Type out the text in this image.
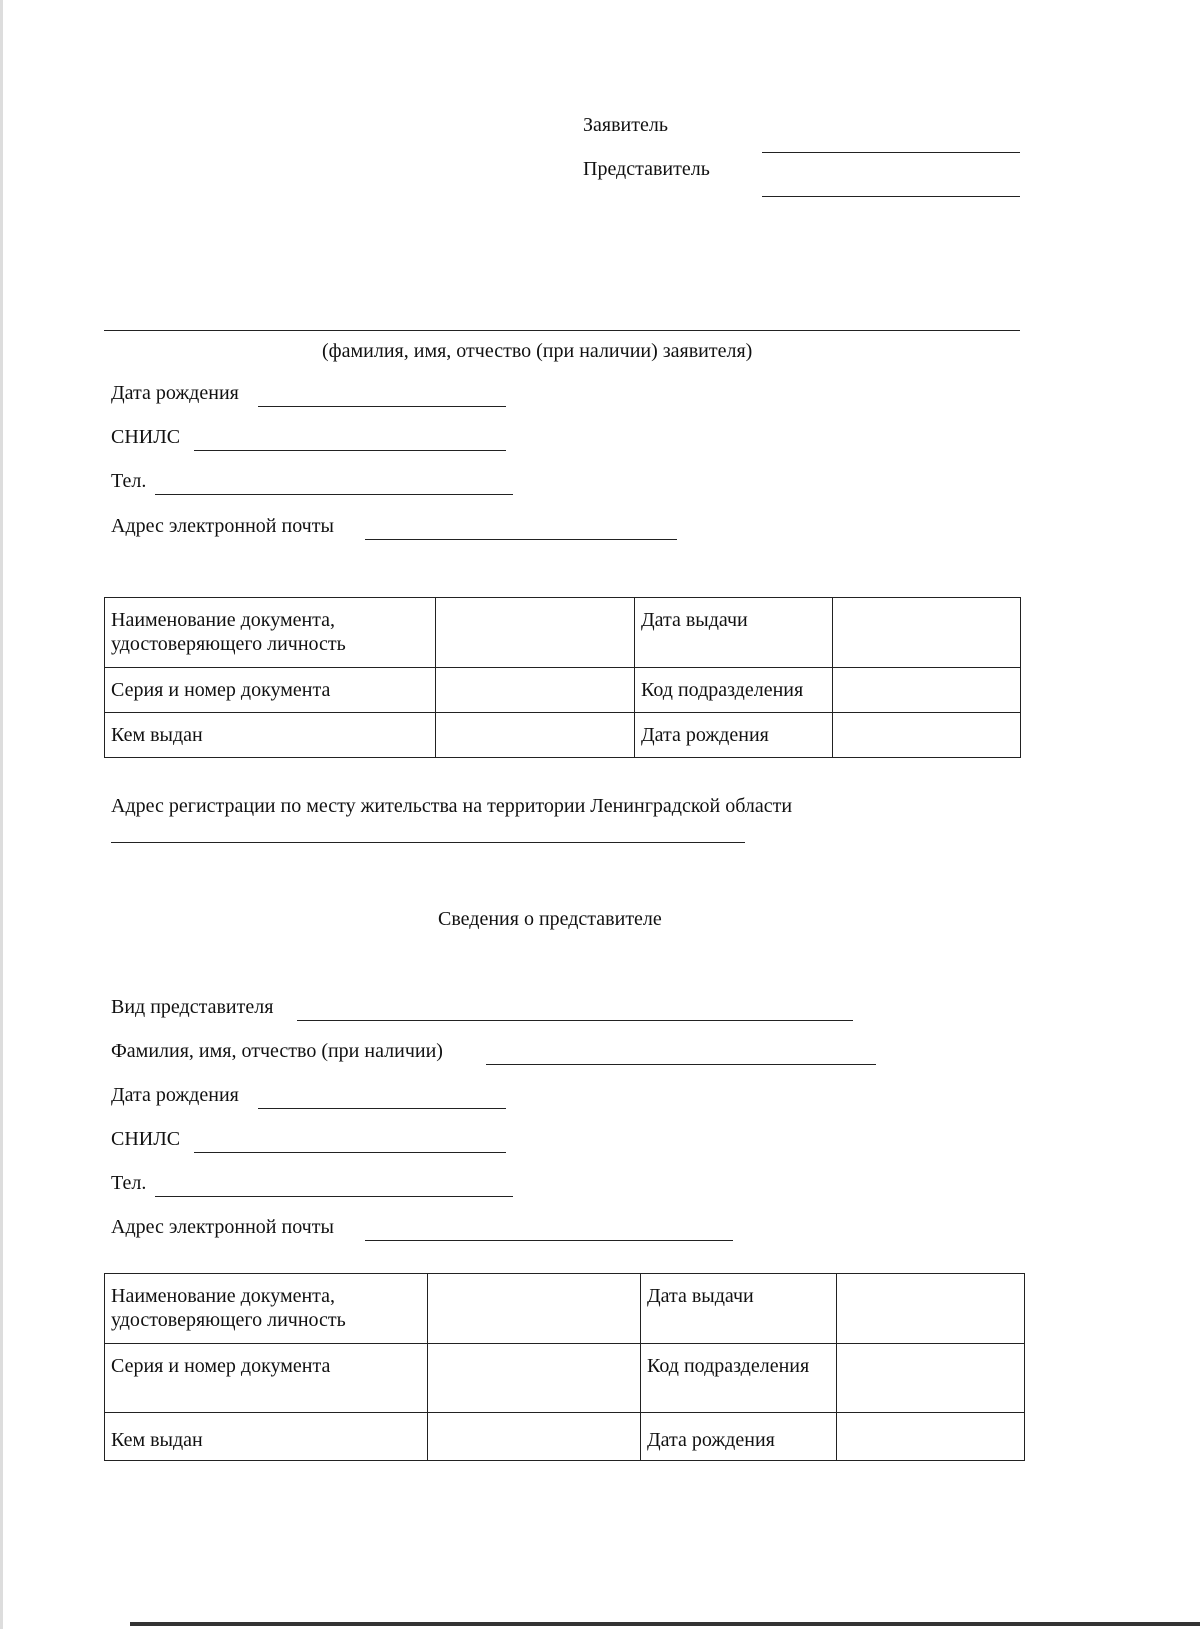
Заявитель
Представитель
(фамилия, имя, отчество (при наличии) заявителя)
Дата рождения
СНИЛС
Тел.
Адрес электронной почты
Наименование документа, удостоверяющего личность		Дата выдачи	
Серия и номер документа		Код подразделения	
Кем выдан		Дата рождения	
Адрес регистрации по месту жительства на территории Ленинградской области
Сведения о представителе
Вид представителя
Фамилия, имя, отчество (при наличии)
Дата рождения
СНИЛС
Тел.
Адрес электронной почты
Наименование документа, удостоверяющего личность		Дата выдачи	
Серия и номер документа		Код подразделения	
Кем выдан		Дата рождения	
